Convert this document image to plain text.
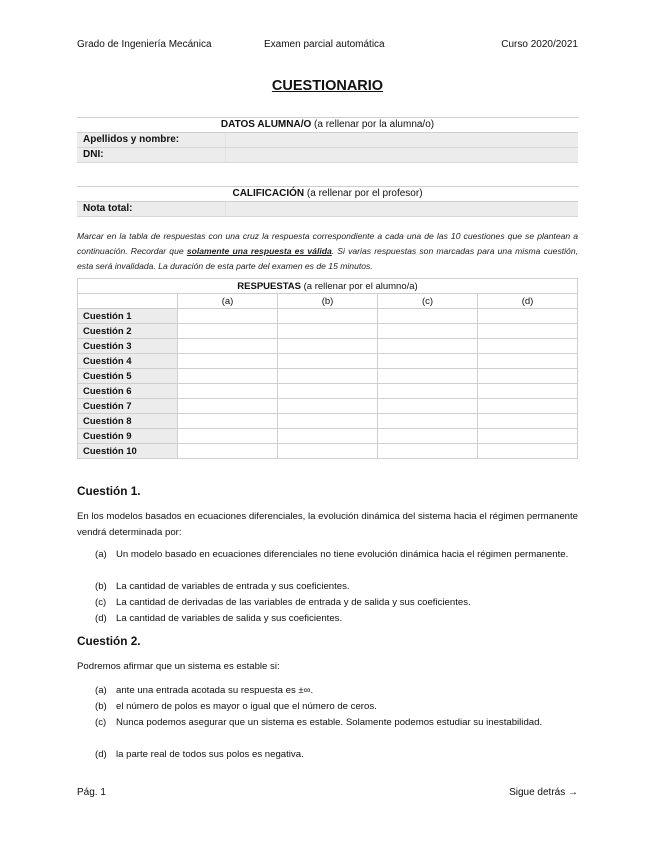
Grado de Ingeniería Mecánica	Examen parcial automática	Curso 2020/2021
CUESTIONARIO
DATOS ALUMNA/O (a rellenar por la alumna/o)
Apellidos y nombre:
DNI:
CALIFICACIÓN (a rellenar por el profesor)
Nota total:
Marcar en la tabla de respuestas con una cruz la respuesta correspondiente a cada una de las 10 cuestiones que se plantean a continuación. Recordar que solamente una respuesta es válida. Si varias respuestas son marcadas para una misma cuestión, esta será invalidada. La duración de esta parte del examen es de 15 minutos.
RESPUESTAS (a rellenar por el alumno/a)				
	(a)	(b)	(c)	(d)
Cuestión 1				
Cuestión 2				
Cuestión 3				
Cuestión 4				
Cuestión 5				
Cuestión 6				
Cuestión 7				
Cuestión 8				
Cuestión 9				
Cuestión 10				
Cuestión 1.
En los modelos basados en ecuaciones diferenciales, la evolución dinámica del sistema hacia el régimen permanente vendrá determinada por:
(a) Un modelo basado en ecuaciones diferenciales no tiene evolución dinámica hacia el régimen permanente.
(b) La cantidad de variables de entrada y sus coeficientes.
(c) La cantidad de derivadas de las variables de entrada y de salida y sus coeficientes.
(d) La cantidad de variables de salida y sus coeficientes.
Cuestión 2.
Podremos afirmar que un sistema es estable si:
(a) ante una entrada acotada su respuesta es ±∞.
(b) el número de polos es mayor o igual que el número de ceros.
(c) Nunca podemos asegurar que un sistema es estable. Solamente podemos estudiar su inestabilidad.
(d) la parte real de todos sus polos es negativa.
Pág. 1	Sigue detrás →
